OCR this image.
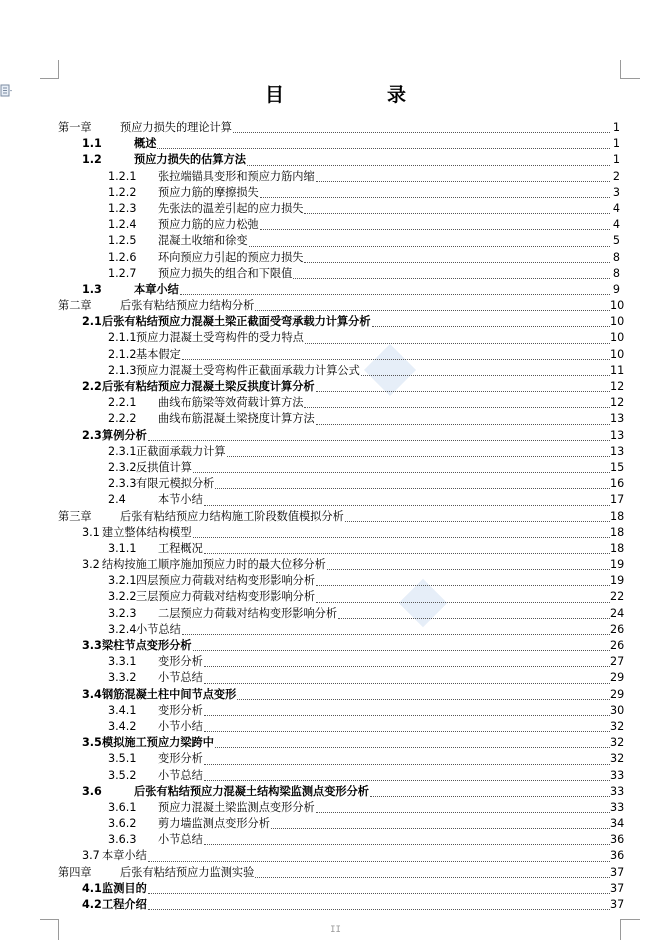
目　录
第一章	预应力损失的理论计算	1
1.1	概述	1
1.2	预应力损失的估算方法	1
1.2.1 张拉端锚具变形和预应力筋内缩	2
1.2.2 预应力筋的摩擦损失	3
1.2.3 先张法的温差引起的应力损失	4
1.2.4 预应力筋的应力松弛	4
1.2.5 混凝土收缩和徐变	5
1.2.6 环向预应力引起的预应力损失	8
1.2.7 预应力损失的组合和下限值	8
1.3	本章小结	9
第二章	后张有粘结预应力结构分析	10
2.1 后张有粘结预应力混凝土梁正截面受弯承载力计算分析	10
2.1.1 预应力混凝土受弯构件的受力特点	10
2.1.2 基本假定	10
2.1.3 预应力混凝土受弯构件正截面承载力计算公式	11
2.2 后张有粘结预应力混凝土梁反拱度计算分析	12
2.2.1 曲线布筋梁等效荷载计算方法	12
2.2.2 曲线布筋混凝土梁挠度计算方法	13
2.3 算例分析	13
2.3.1 正截面承载力计算	13
2.3.2 反拱值计算	15
2.3.3 有限元模拟分析	16
2.4	本节小结	17
第三章	后张有粘结预应力结构施工阶段数值模拟分析	18
3.1 建立整体结构模型	18
3.1.1 工程概况	18
3.2 结构按施工顺序施加预应力时的最大位移分析	19
3.2.1 四层预应力荷载对结构变形影响分析	19
3.2.2 三层预应力荷载对结构变形影响分析	22
3.2.3 二层预应力荷载对结构变形影响分析	24
3.2.4 小节总结	26
3.3 梁柱节点变形分析	26
3.3.1 变形分析	27
3.3.2 小节总结	29
3.4 钢筋混凝土柱中间节点变形	29
3.4.1 变形分析	30
3.4.2 小节小结	32
3.5 模拟施工预应力梁跨中	32
3.5.1 变形分析	32
3.5.2 小节总结	33
3.6	后张有粘结预应力混凝土结构梁监测点变形分析	33
3.6.1 预应力混凝土梁监测点变形分析	33
3.6.2 剪力墙监测点变形分析	34
3.6.3 小节总结	36
3.7 本章小结	36
第四章	后张有粘结预应力监测实验	37
4.1 监测目的	37
4.2 工程介绍	37
II
